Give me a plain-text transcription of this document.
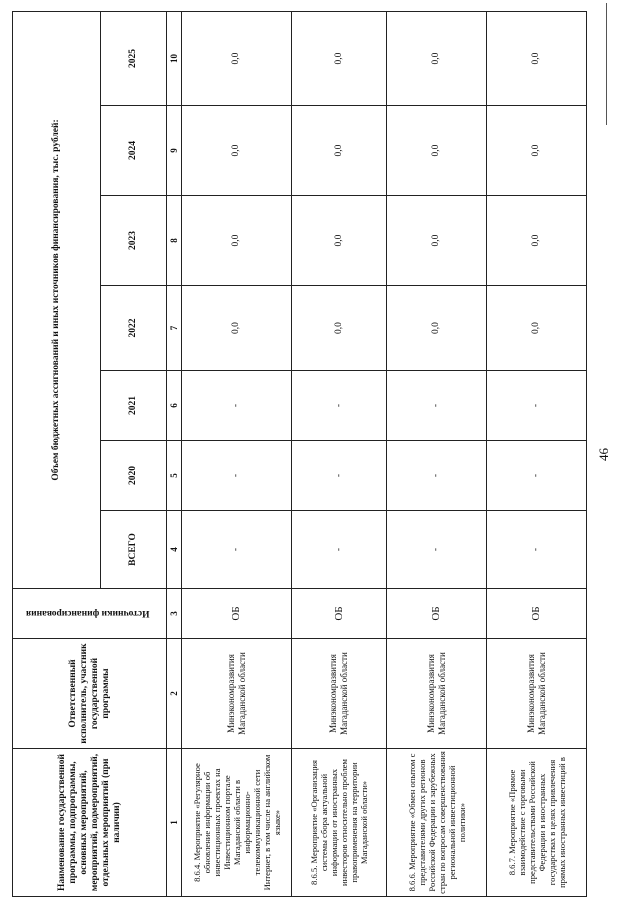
Наименование государственной программы, подпрограммы, основных мероприятий, мероприятий, подмероприятий, отдельных мероприятий (при наличии)	Ответственный исполнитель, участник государственной программы	Источники финансирования	Объем бюджетных ассигнований и иных источников финансирования, тыс. рублей:						
			ВСЕГО	2020	2021	2022	2023	2024	2025
1	2	3	4	5	6	7	8	9	10
8.6.4. Мероприятие «Регулярное обновление информации об инвестиционных проектах на Инвестиционном портале Магаданской области в информационно-телекоммуникационной сети Интернет, в том числе на английском языке»	Минэкономразвития Магаданской области	ОБ	-	-	-	0,0	0,0	0,0	0,0
8.6.5. Мероприятие «Организация системы сбора актуальной информации от иностранных инвесторов относительно проблем правоприменения на территории Магаданской области»	Минэкономразвития Магаданской области	ОБ	-	-	-	0,0	0,0	0,0	0,0
8.6.6. Мероприятие «Обмен опытом с представителями других регионов Российской Федерации и зарубежных стран по вопросам совершенствования региональной инвестиционной политики»	Минэкономразвития Магаданской области	ОБ	-	-	-	0,0	0,0	0,0	0,0
8.6.7. Мероприятие «Прямое взаимодействие с торговыми представительствами Российской Федерации в иностранных государствах в целях привлечения прямых иностранных инвестиций в	Минэкономразвития Магаданской области	ОБ	-	-	-	0,0	0,0	0,0	0,0
46
